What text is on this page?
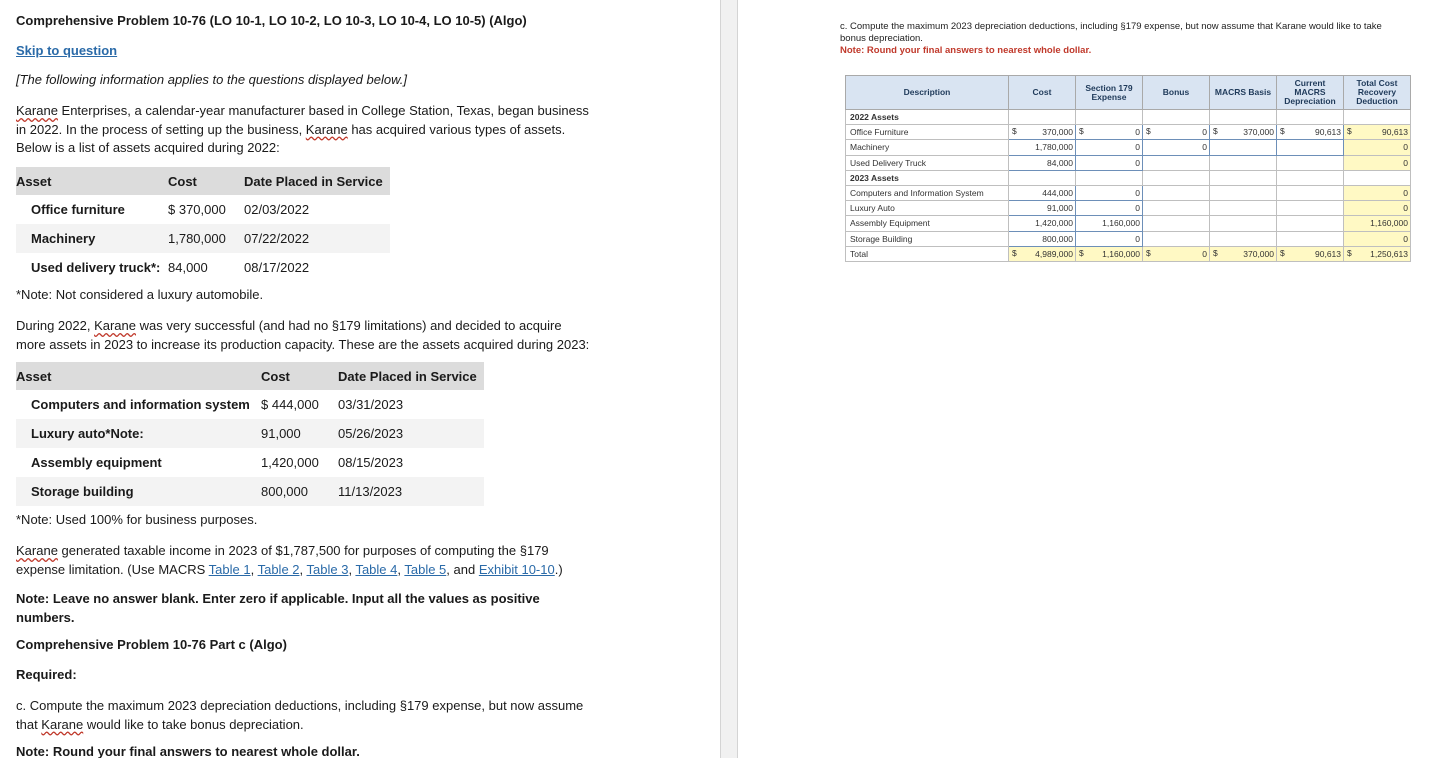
Comprehensive Problem 10-76 (LO 10-1, LO 10-2, LO 10-3, LO 10-4, LO 10-5) (Algo)
Skip to question
[The following information applies to the questions displayed below.]
Karane Enterprises, a calendar-year manufacturer based in College Station, Texas, began business
in 2022. In the process of setting up the business, Karane has acquired various types of assets.
Below is a list of assets acquired during 2022:
Asset	Cost	Date Placed in Service
Office furniture	$ 370,000 02/03/2022
Machinery	1,780,000 07/22/2022
Used delivery truck*: 84,000	08/17/2022
*Note: Not considered a luxury automobile.
During 2022, Karane was very successful (and had no §179 limitations) and decided to acquire
more assets in 2023 to increase its production capacity. These are the assets acquired during 2023:
Asset	Cost	Date Placed in Service
Computers and information system $ 444,000 03/31/2023
Luxury auto*Note:	91,000	05/26/2023
Assembly equipment	1,420,000 08/15/2023
Storage building	800,000 11/13/2023
*Note: Used 100% for business purposes.
Karane generated taxable income in 2023 of $1,787,500 for purposes of computing the §179
expense limitation. (Use MACRS Table 1, Table 2, Table 3, Table 4, Table 5, and Exhibit 10-10.)
Note: Leave no answer blank. Enter zero if applicable. Input all the values as positive
numbers.
Comprehensive Problem 10-76 Part c (Algo)
Required:
c. Compute the maximum 2023 depreciation deductions, including §179 expense, but now assume
that Karane would like to take bonus depreciation.
Note: Round your final answers to nearest whole dollar.
c. Compute the maximum 2023 depreciation deductions, including §179 expense, but now assume that Karane would like to take
bonus depreciation.
Note: Round your final answers to nearest whole dollar.
Description	Cost	Section 179 Expense	Bonus	MACRS Basis	Current MACRS Depreciation	Total Cost Recovery Deduction
2022 Assets						
Office Furniture	$ 370,000	$ 0	$ 0	$ 370,000	$ 90,613	$ 90,613
Machinery	1,780,000	0	0			0
Used Delivery Truck	84,000	0				0
2023 Assets						
Computers and Information System	444,000	0				0
Luxury Auto	91,000	0				0
Assembly Equipment	1,420,000	1,160,000				1,160,000
Storage Building	800,000	0				0
Total	$ 4,989,000	$ 1,160,000	$ 0	$ 370,000	$ 90,613	$ 1,250,613
